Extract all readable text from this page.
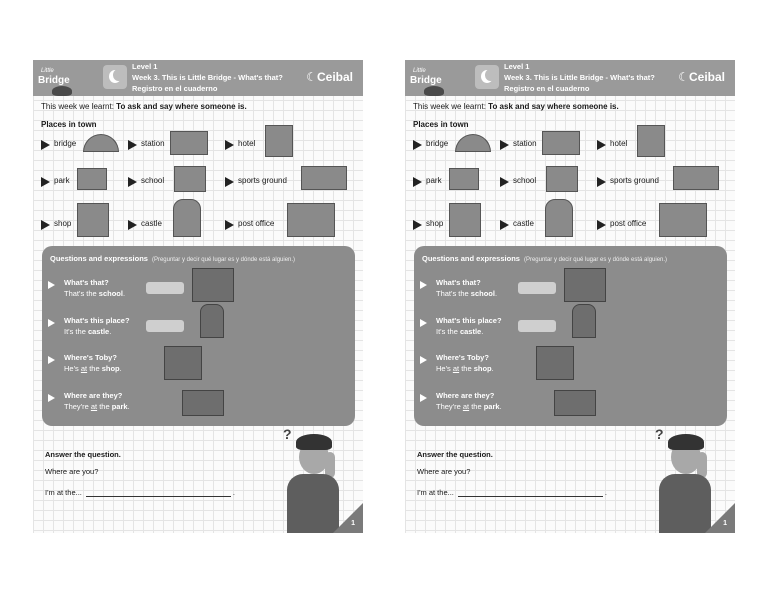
Little
Bridge
Level 1
Week 3. This is Little Bridge - What's that?
Registro en el cuaderno
☾Ceibal
This week we learnt: To ask and say where someone is.
Places in town
bridge	station	hotel
park	school	sports ground
shop	castle	post office
Questions and expressions (Preguntar y decir qué lugar es y dónde está alguien.)
What's that?
That's the school.
What's this place?
It's the castle.
Where's Toby?
He's at the shop.
Where are they?
They're at the park.
Answer the question.
Where are you?
I'm at the...	.
?
1
Little
Bridge
Level 1
Week 3. This is Little Bridge - What's that?
Registro en el cuaderno
☾Ceibal
This week we learnt: To ask and say where someone is.
Places in town
bridge	station	hotel
park	school	sports ground
shop	castle	post office
Questions and expressions (Preguntar y decir qué lugar es y dónde está alguien.)
What's that?
That's the school.
What's this place?
It's the castle.
Where's Toby?
He's at the shop.
Where are they?
They're at the park.
Answer the question.
Where are you?
I'm at the...	.
?
1
